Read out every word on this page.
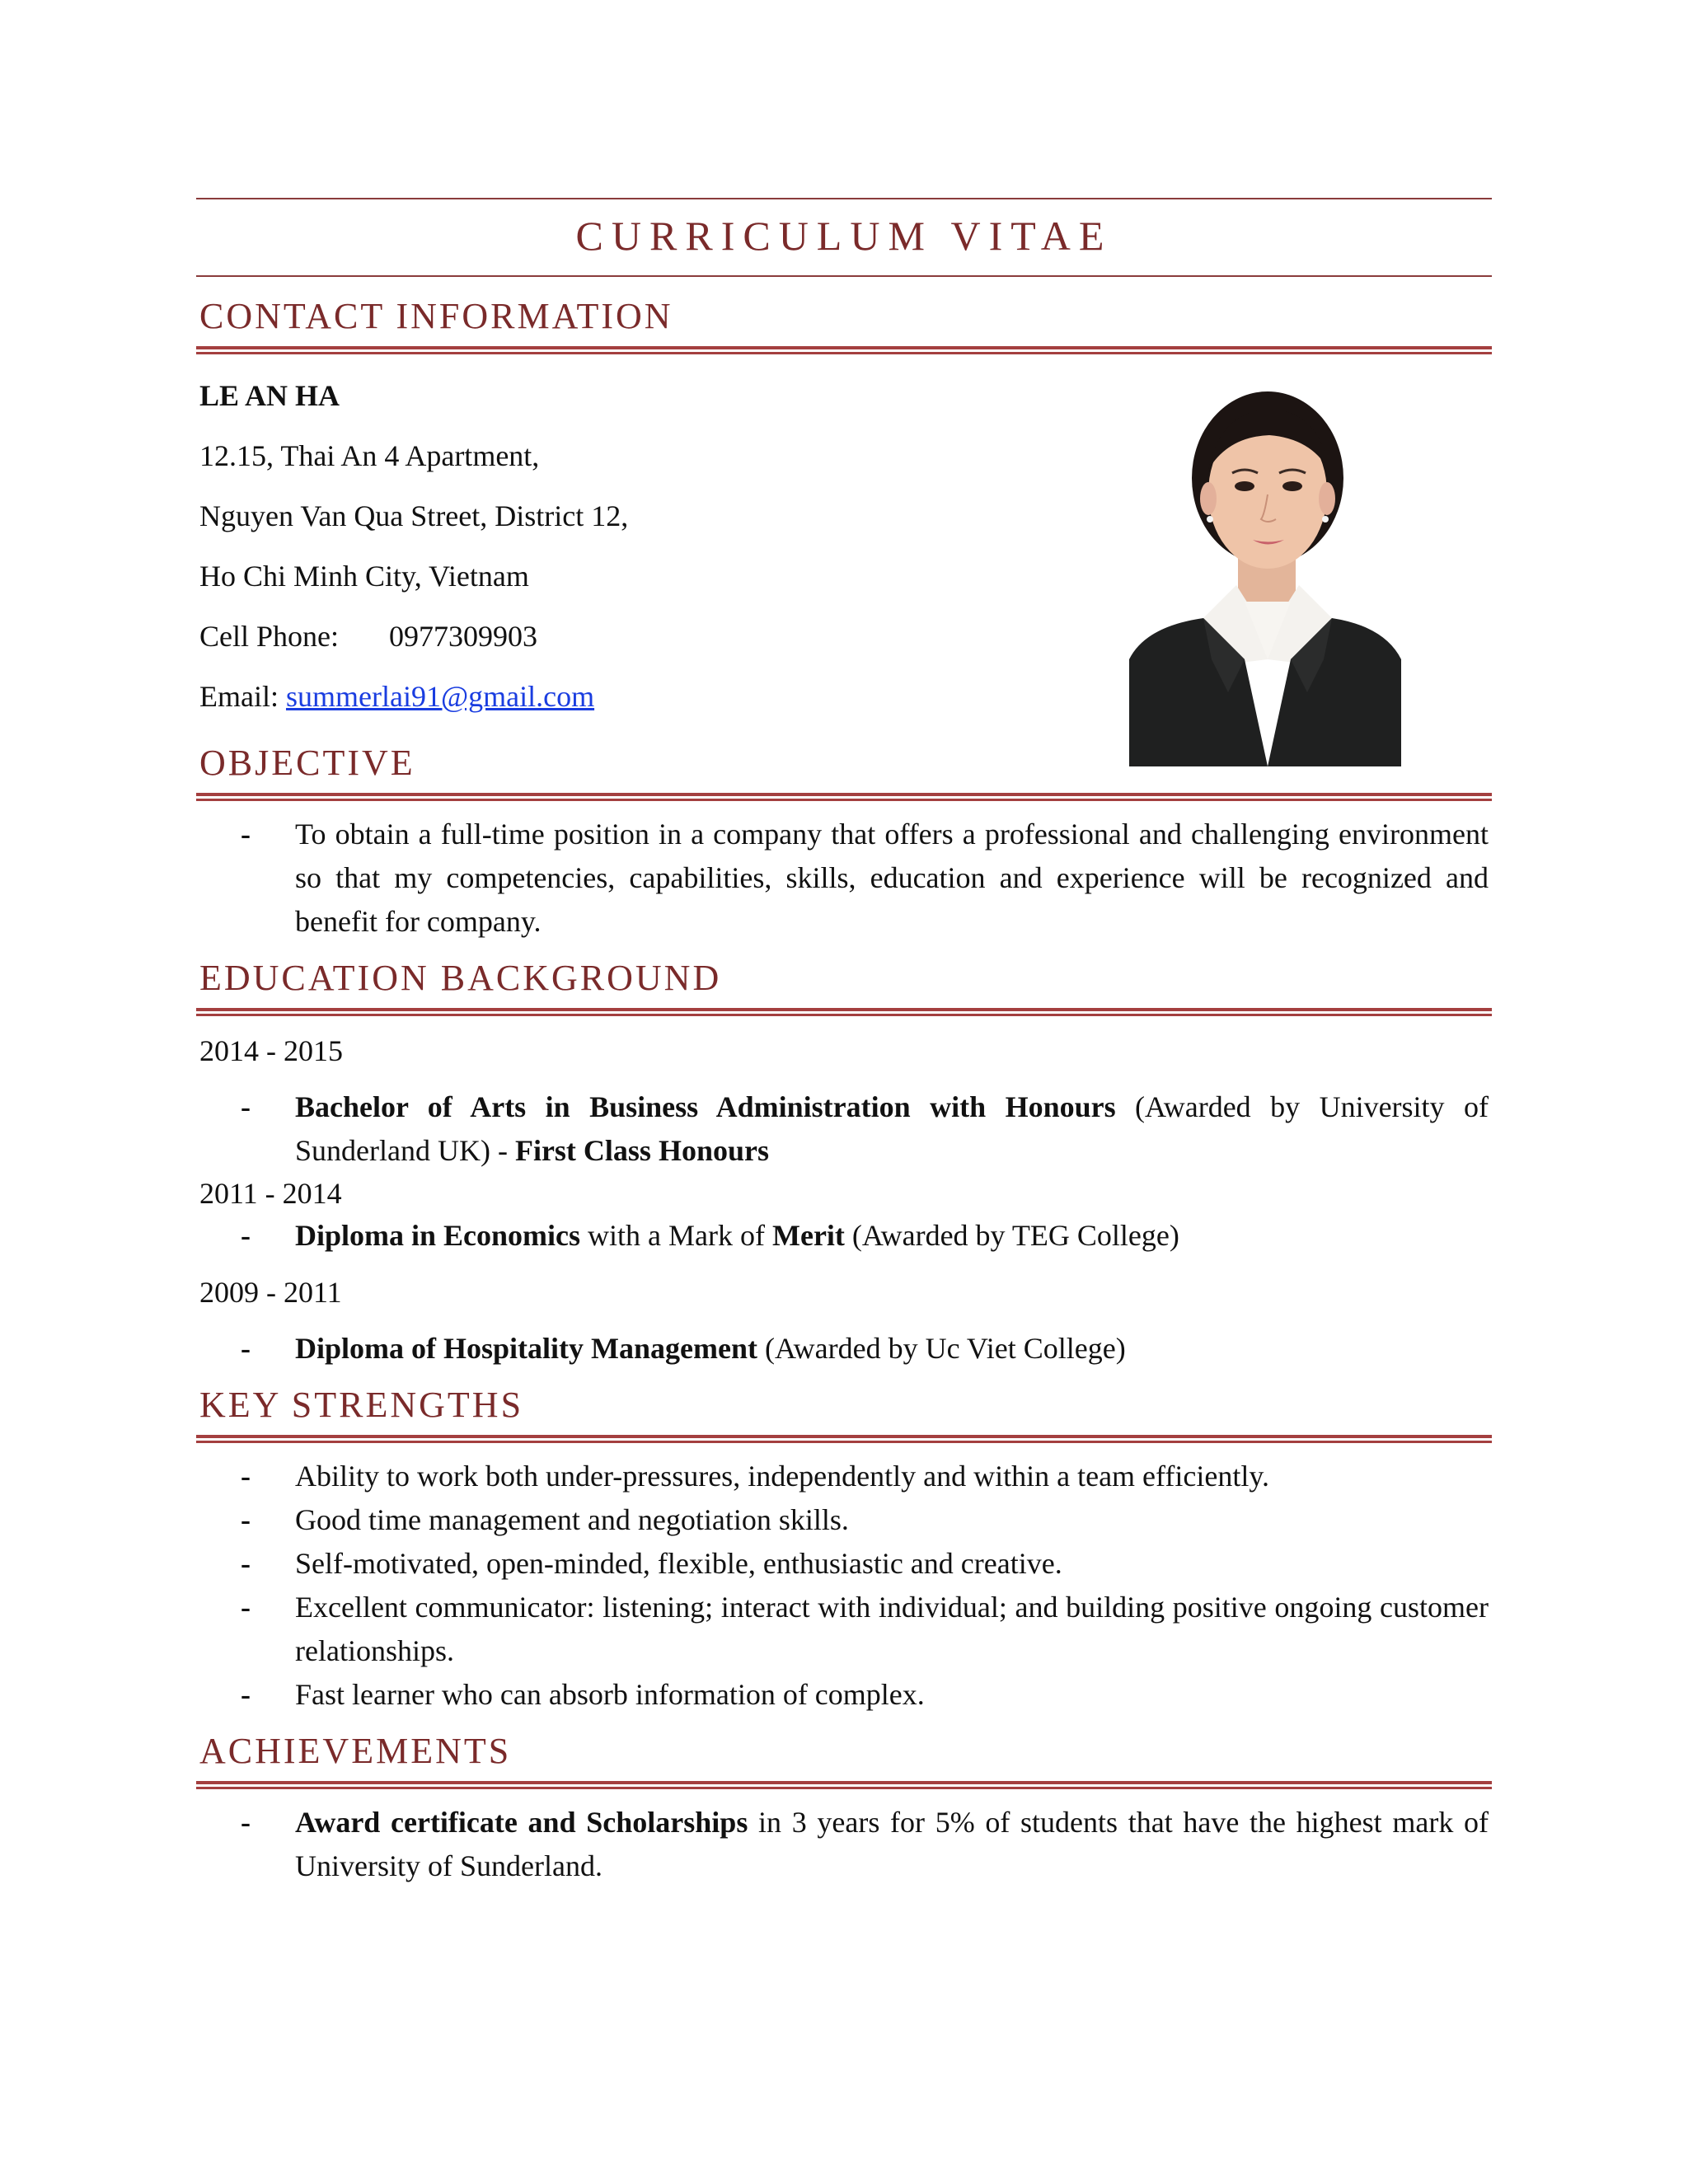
CURRICULUM VITAE
CONTACT INFORMATION
LE AN HA
12.15, Thai An 4 Apartment,
Nguyen Van Qua Street, District 12,
Ho Chi Minh City, Vietnam
Cell Phone: 0977309903
Email: summerlai91@gmail.com
OBJECTIVE
-	To obtain a full-time position in a company that offers a professional and challenging environment so that my competencies, capabilities, skills, education and experience will be recognized and benefit for company.
EDUCATION BACKGROUND
2014 - 2015
-	Bachelor of Arts in Business Administration with Honours (Awarded by University of Sunderland UK) - First Class Honours
2011 - 2014
-	Diploma in Economics with a Mark of Merit (Awarded by TEG College)
2009 - 2011
-	Diploma of Hospitality Management (Awarded by Uc Viet College)
KEY STRENGTHS
-	Ability to work both under-pressures, independently and within a team efficiently.
-	Good time management and negotiation skills.
-	Self-motivated, open-minded, flexible, enthusiastic and creative.
-	Excellent communicator: listening; interact with individual; and building positive ongoing customer relationships.
-	Fast learner who can absorb information of complex.
ACHIEVEMENTS
-	Award certificate and Scholarships in 3 years for 5% of students that have the highest mark of University of Sunderland.
